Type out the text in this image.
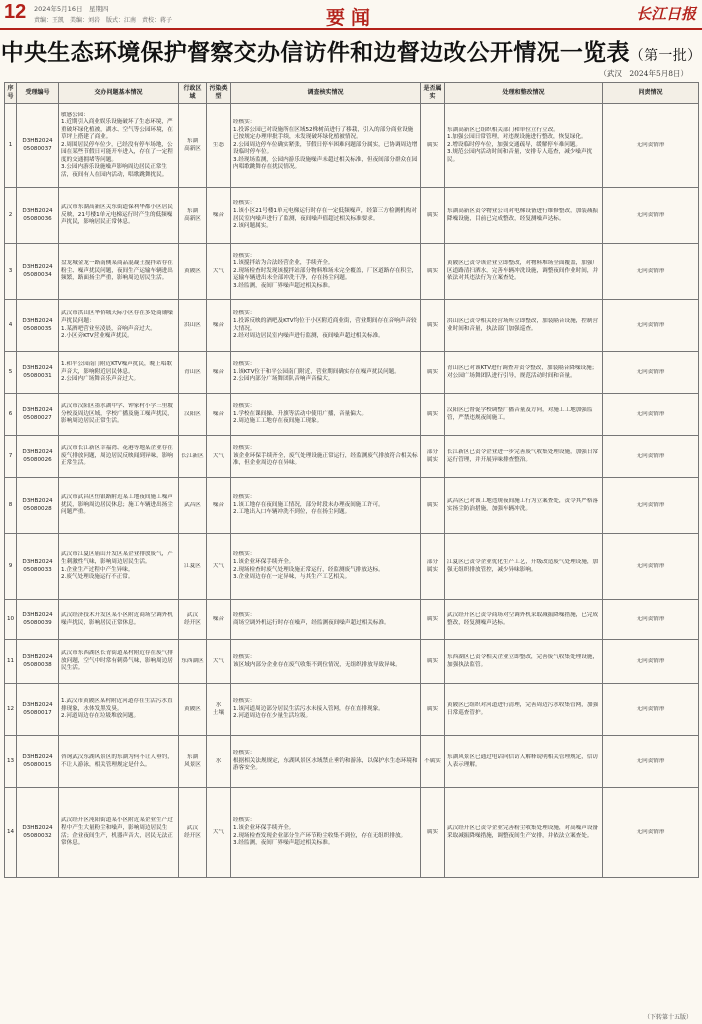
12 2024年5月16日　星期四
责编：王凯　美编：刘岩　版式：江南　责校：蒋子	要闻	长江日报
中央生态环境保护督察交办信访件和边督边改公开情况一览表（第一批）
（武汉　2024年5月8日）
序号	受理编号	交办问题基本情况	行政区域	污染类型	调查核实情况	是否属实	处理和整改情况	问责情况

1	D3HB2024
05080037	敏感公园：
1.近期引入商业娱乐设施破坏了生态环境，严重破坏绿化植被，湖水、空气等公园环境，在草坪上搭建了商业。
2.周围居民停车位少，已经没有停车场地，公园在某些节假日可能开车进入，存在了一定程度的交通拥堵等问题。
3.公园内游乐设施噪声影响周边居民正常生活，夜间有人在园内活动，唱歌跳舞扰民。	东湖
高新区	生态	经核实：
1.投诉公园已对设施所在区域52株树苗进行了移栽，引入的部分商业设施已按规定办理审批手续，未发现破坏绿化植被情况。
2.公园周边停车位确实紧张，节假日停车困难问题部分属实，已协调周边增设临时停车位。
3.经现场监测，公园内游乐设施噪声未超过相关标准，但夜间部分群众在园内唱歌跳舞存在扰民情况。	属实	东湖高新区已组织相关部门和单位立行立改。
1.加强公园日常管理，对违规设施进行整改，恢复绿化。
2.增设临时停车位，加强交通疏导，缓解停车难问题。
3.规范公园内活动时间和音量，安排专人巡查，减少噪声扰民。	无问责情形

2	D3HB2024
05080036	武汉市东湖高新区关东街道保利华都小区居民反映，21号楼1单元电梯运行时产生的低频噪声扰民，影响居民正常休息。	东湖
高新区	噪音	经核实：
1.该小区21号楼1单元电梯运行时存在一定低频噪声，经第三方检测机构对居民室内噪声进行了监测，夜间噪声值超过相关标准要求。
2.该问题属实。	属实	东湖高新区责令物业公司对电梯设备进行维修整改，加装减振降噪设施，目前已完成整改，经复测噪声达标。	无问责情形

3	D3HB2024
05080034	盘龙城金龙一路南侧某商品混凝土搅拌站存在粉尘、噪声扰民问题，夜间生产运输车辆进出频繁，路面扬尘严重，影响周边居民生活。	黄陂区	大气	经核实：
1.该搅拌站为合法经营企业，手续齐全。
2.现场检查时发现该搅拌站部分物料堆场未完全覆盖，厂区道路存在积尘，运输车辆进出未全部冲洗干净，存在扬尘问题。
3.经监测，夜间厂界噪声超过相关标准。	属实	黄陂区已责令该企业立即整改，对物料堆场全面覆盖，加强厂区道路清扫洒水，完善车辆冲洗设施，调整夜间作业时间，并依法对其违法行为立案查处。	无问责情形

4	D3HB2024
05080035	武汉市洪山区华侨城天际小区存在多处商铺噪声扰民问题：
1.某酒吧营业至凌晨，音响声音过大。
2.小区旁KTV营业噪声扰民。	洪山区	噪音	经核实：
1.投诉反映的酒吧及KTV均位于小区附近商业街，营业期间存在音响声音较大情况。
2.经对周边居民室内噪声进行监测，夜间噪声超过相关标准。	属实	洪山区已责令相关经营场所立即整改，加装隔音设施，控制营业时间和音量，执法部门加强巡查。	无问责情形

5	D3HB2024
05080031	1.和平公园南门附近KTV噪声扰民，晚上唱歌声音大，影响附近居民休息。
2.公园内广场舞音乐声音过大。	青山区	噪音	经核实：
1.该KTV位于和平公园南门附近，营业期间确实存在噪声扰民问题。
2.公园内部分广场舞团队音响声音偏大。	属实	青山区已对该KTV进行调查并责令整改，加装隔音降噪设施；对公园广场舞团队进行引导，规范活动时间和音量。	无问责情形

6	D3HB2024
05080027	武汉市汉阳区墨水湖中学、钟家村小学三里坡分校及周边区域，学校广播及施工噪声扰民，影响周边居民正常生活。	汉阳区	噪音	经核实：
1.学校在课间操、升旗等活动中使用广播，音量偏大。
2.周边施工工地存在夜间施工现象。	属实	汉阳区已督促学校调整广播音量及方向，对施工工地加强监管，严禁违规夜间施工。	无问责情形

7	D3HB2024
05080026	武汉市长江新区幸福湾、花港等地某企业存在废气排放问题，周边居民反映闻到异味，影响正常生活。	长江新区	大气	经核实：
该企业环保手续齐全，废气处理设施正常运行，经监测废气排放符合相关标准，但企业周边存在异味。	部分
属实	长江新区已责令企业进一步完善废气收集处理设施，加强日常运行管理，并开展异味排查整治。	无问责情形

8	D3HB2024
05080028	武汉市武昌区恒银路附近某工地夜间施工噪声扰民，影响周边居民休息；施工车辆进出扬尘问题严重。	武昌区	噪音	经核实：
1.该工地存在夜间施工情况，部分时段未办理夜间施工许可。
2.工地出入口车辆冲洗不到位，存在扬尘问题。	属实	武昌区已对该工地违规夜间施工行为立案查处，责令其严格落实扬尘防治措施，加强车辆冲洗。	无问责情形

9	D3HB2024
05080033	武汉市江夏区庙山开发区某企业排放废气，产生刺激性气味，影响周边居民生活。
1.企业生产过程中产生异味。
2.废气处理设施运行不正常。	江夏区	大气	经核实：
1.该企业环保手续齐全。
2.现场检查时废气处理设施正常运行，经监测废气排放达标。
3.企业周边存在一定异味，与其生产工艺相关。	部分
属实	江夏区已责令企业优化生产工艺，升级改造废气处理设施，加强无组织排放管控，减少异味影响。	无问责情形

10	D3HB2024
05080039	武汉经济技术开发区某小区附近商场空调外机噪声扰民，影响居民正常休息。	武汉
经开区	噪音	经核实：
商场空调外机运行时存在噪声，经监测夜间噪声超过相关标准。	属实	武汉经开区已责令商场对空调外机采取减振降噪措施，已完成整改，经复测噪声达标。	无问责情形

11	D3HB2024
05080038	武汉市东西湖区长青街道某村附近存在废气排放问题，空气中时常有刺鼻气味，影响周边居民生活。	东西湖区	大气	经核实：
该区域内部分企业存在废气收集不到位情况，无组织排放导致异味。	属实	东西湖区已责令相关企业立即整改，完善废气收集处理设施，加强执法监管。	无问责情形

12	D3HB2024
05080017	1.武汉市黄陂区某村附近河道存在生活污水直排现象，水体发黑发臭。
2.河道周边存在垃圾堆放问题。	黄陂区	水
土壤	经核实：
1.该河道周边部分居民生活污水未接入管网，存在直排现象。
2.河道周边存在少量生活垃圾。	属实	黄陂区已组织对河道进行清理，完善周边污水收集管网，加强日常巡查管护。	无问责情形

13	D3HB2024
05080015	咨询武汉东湖风景区的东湖为何不让人垂钓，不让人游泳，相关管理规定是什么。	东湖
风景区	水	经核实：
根据相关法规规定，东湖风景区水域禁止垂钓和游泳，以保护水生态环境和游客安全。	不属实	东湖风景区已通过电话向信访人解释说明相关管理规定，信访人表示理解。	无问责情形

14	D3HB2024
05080032	武汉经开区沌阳街道某小区附近某企业生产过程中产生大量粉尘和噪声，影响周边居民生活；企业夜间生产，机器声音大，居民无法正常休息。	武汉
经开区	大气	经核实：
1.该企业环保手续齐全。
2.现场检查发现企业部分生产环节粉尘收集不到位，存在无组织排放。
3.经监测，夜间厂界噪声超过相关标准。	属实	武汉经开区已责令企业完善粉尘收集处理设施，对高噪声设备采取减振降噪措施，调整夜间生产安排，并依法立案查处。	无问责情形
（下转第十五版）
